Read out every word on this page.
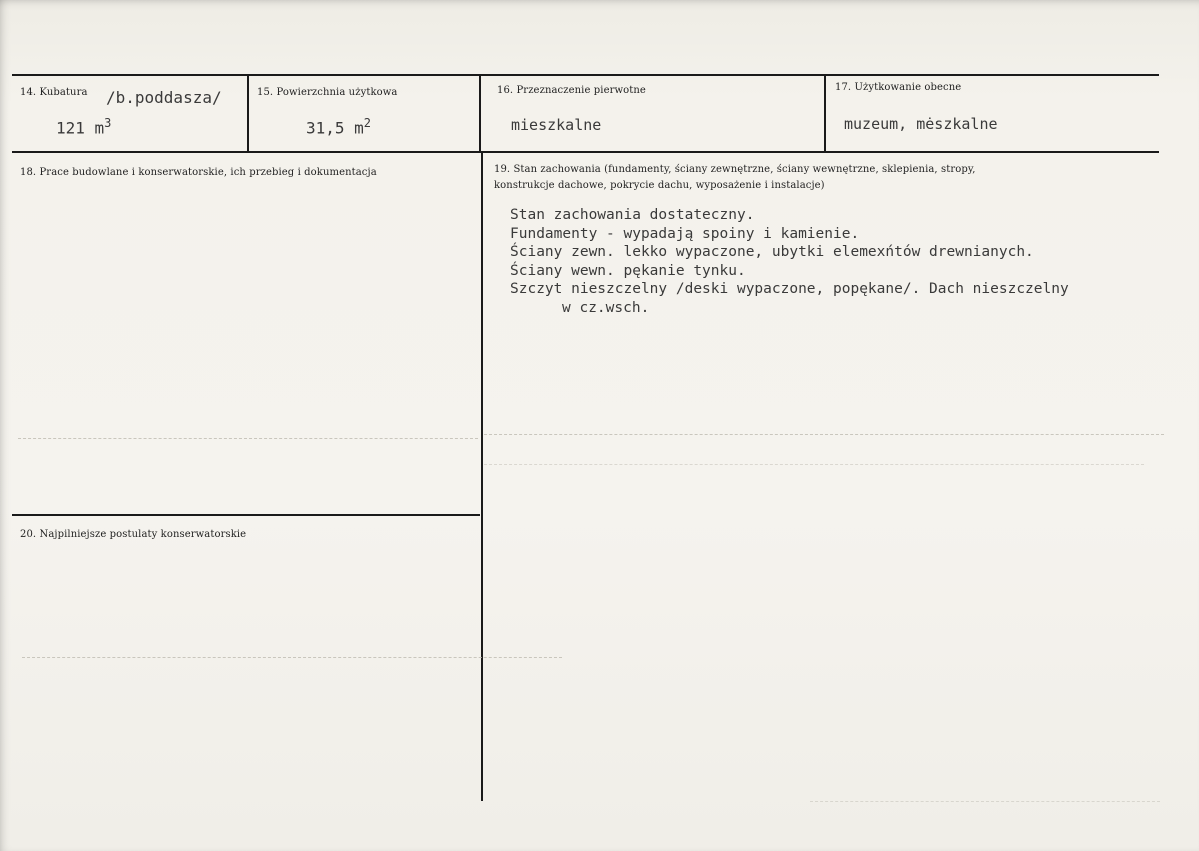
14. Kubatura /b.poddasza/
121 $m^3$
15. Powierzchnia użytkowa
31,5 $m^2$
16. Przeznaczenie pierwotne
mieszkalne
17. Użytkowanie obecne
muzeum, mėszkalne
18. Prace budowlane i konserwatorskie, ich przebieg i dokumentacja	19. Stan zachowania (fundamenty, ściany zewnętrzne, ściany wewnętrzne, sklepienia, stropy,
konstrukcje dachowe, pokrycie dachu, wyposażenie i instalacje)
Stan zachowania dostateczny.
Fundamenty - wypadają spoiny i kamienie.
Ściany zewn. lekko wypaczone, ubytki elemexńtów drewnianych.
Ściany wewn. pękanie tynku.
Szczyt nieszczelny /deski wypaczone, popękane/. Dach nieszczelny
w cz.wsch.
20. Najpilniejsze postulaty konserwatorskie
